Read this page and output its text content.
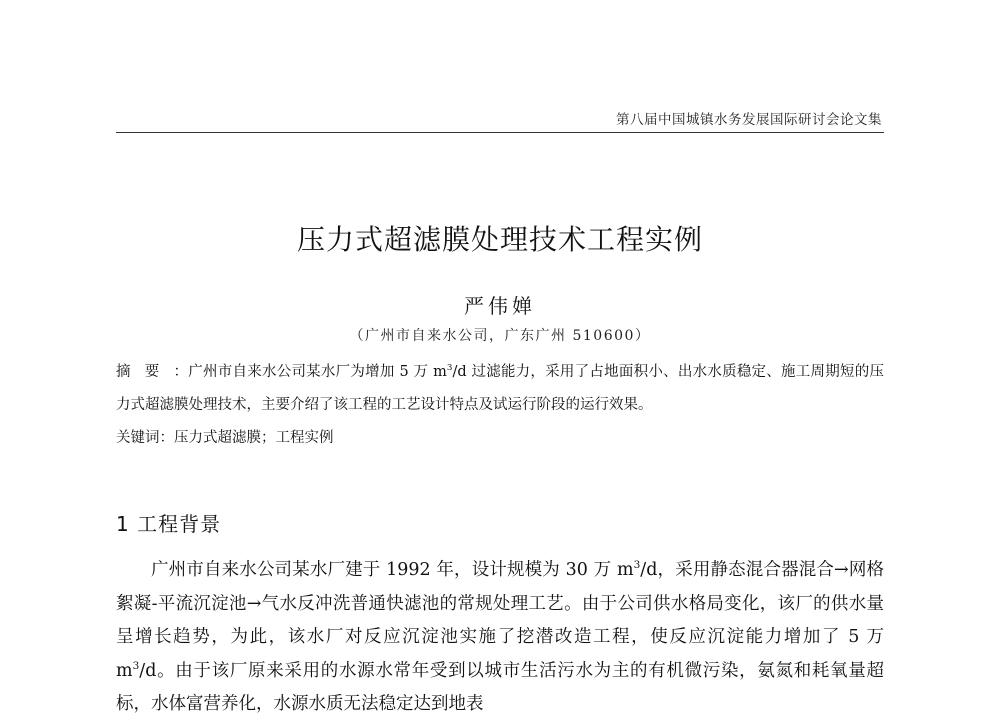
第八届中国城镇水务发展国际研讨会论文集
压力式超滤膜处理技术工程实例
严伟婵
（广州市自来水公司，广东广州 510600）
摘要：广州市自来水公司某水厂为增加 5 万 $m^3/d$ 过滤能力，采用了占地面积小、出水水质稳定、施工周期短的压力式超滤膜处理技术，主要介绍了该工程的工艺设计特点及试运行阶段的运行效果。
关键词：压力式超滤膜；工程实例
1 工程背景
广州市自来水公司某水厂建于 1992 年，设计规模为 30 万 $m^3/d$，采用静态混合器混合→网格絮凝-平流沉淀池→气水反冲洗普通快滤池的常规处理工艺。由于公司供水格局变化，该厂的供水量呈增长趋势，为此，该水厂对反应沉淀池实施了挖潜改造工程，使反应沉淀能力增加了 5 万 $m^3/d$。由于该厂原来采用的水源水常年受到以城市生活污水为主的有机微污染，氨氮和耗氧量超标，水体富营养化，水源水质无法稳定达到地表
